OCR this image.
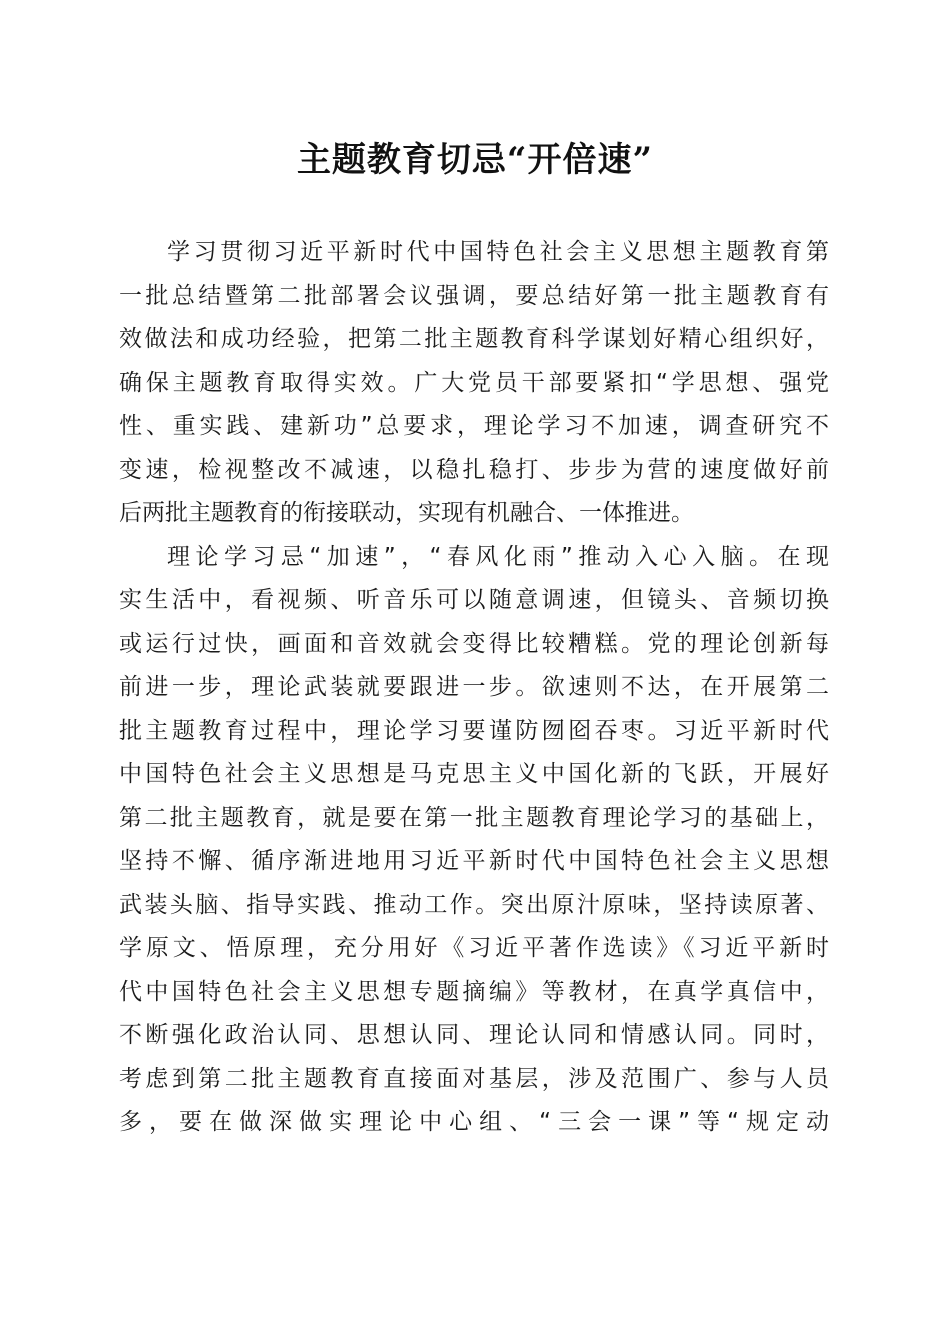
主题教育切忌“开倍速”
学习贯彻习近平新时代中国特色社会主义思想主题教育第
一批总结暨第二批部署会议强调，要总结好第一批主题教育有
效做法和成功经验，把第二批主题教育科学谋划好精心组织好，
确保主题教育取得实效。广大党员干部要紧扣“学思想、强党
性、重实践、建新功”总要求，理论学习不加速，调查研究不
变速，检视整改不减速，以稳扎稳打、步步为营的速度做好前
后两批主题教育的衔接联动，实现有机融合、一体推进。
理论学习忌“加速”，“春风化雨”推动入心入脑。在现
实生活中，看视频、听音乐可以随意调速，但镜头、音频切换
或运行过快，画面和音效就会变得比较糟糕。党的理论创新每
前进一步，理论武装就要跟进一步。欲速则不达，在开展第二
批主题教育过程中，理论学习要谨防囫囵吞枣。习近平新时代
中国特色社会主义思想是马克思主义中国化新的飞跃，开展好
第二批主题教育，就是要在第一批主题教育理论学习的基础上，
坚持不懈、循序渐进地用习近平新时代中国特色社会主义思想
武装头脑、指导实践、推动工作。突出原汁原味，坚持读原著、
学原文、悟原理，充分用好《习近平著作选读》《习近平新时
代中国特色社会主义思想专题摘编》等教材，在真学真信中，
不断强化政治认同、思想认同、理论认同和情感认同。同时，
考虑到第二批主题教育直接面对基层，涉及范围广、参与人员
多，要在做深做实理论中心组、“三会一课”等“规定动
